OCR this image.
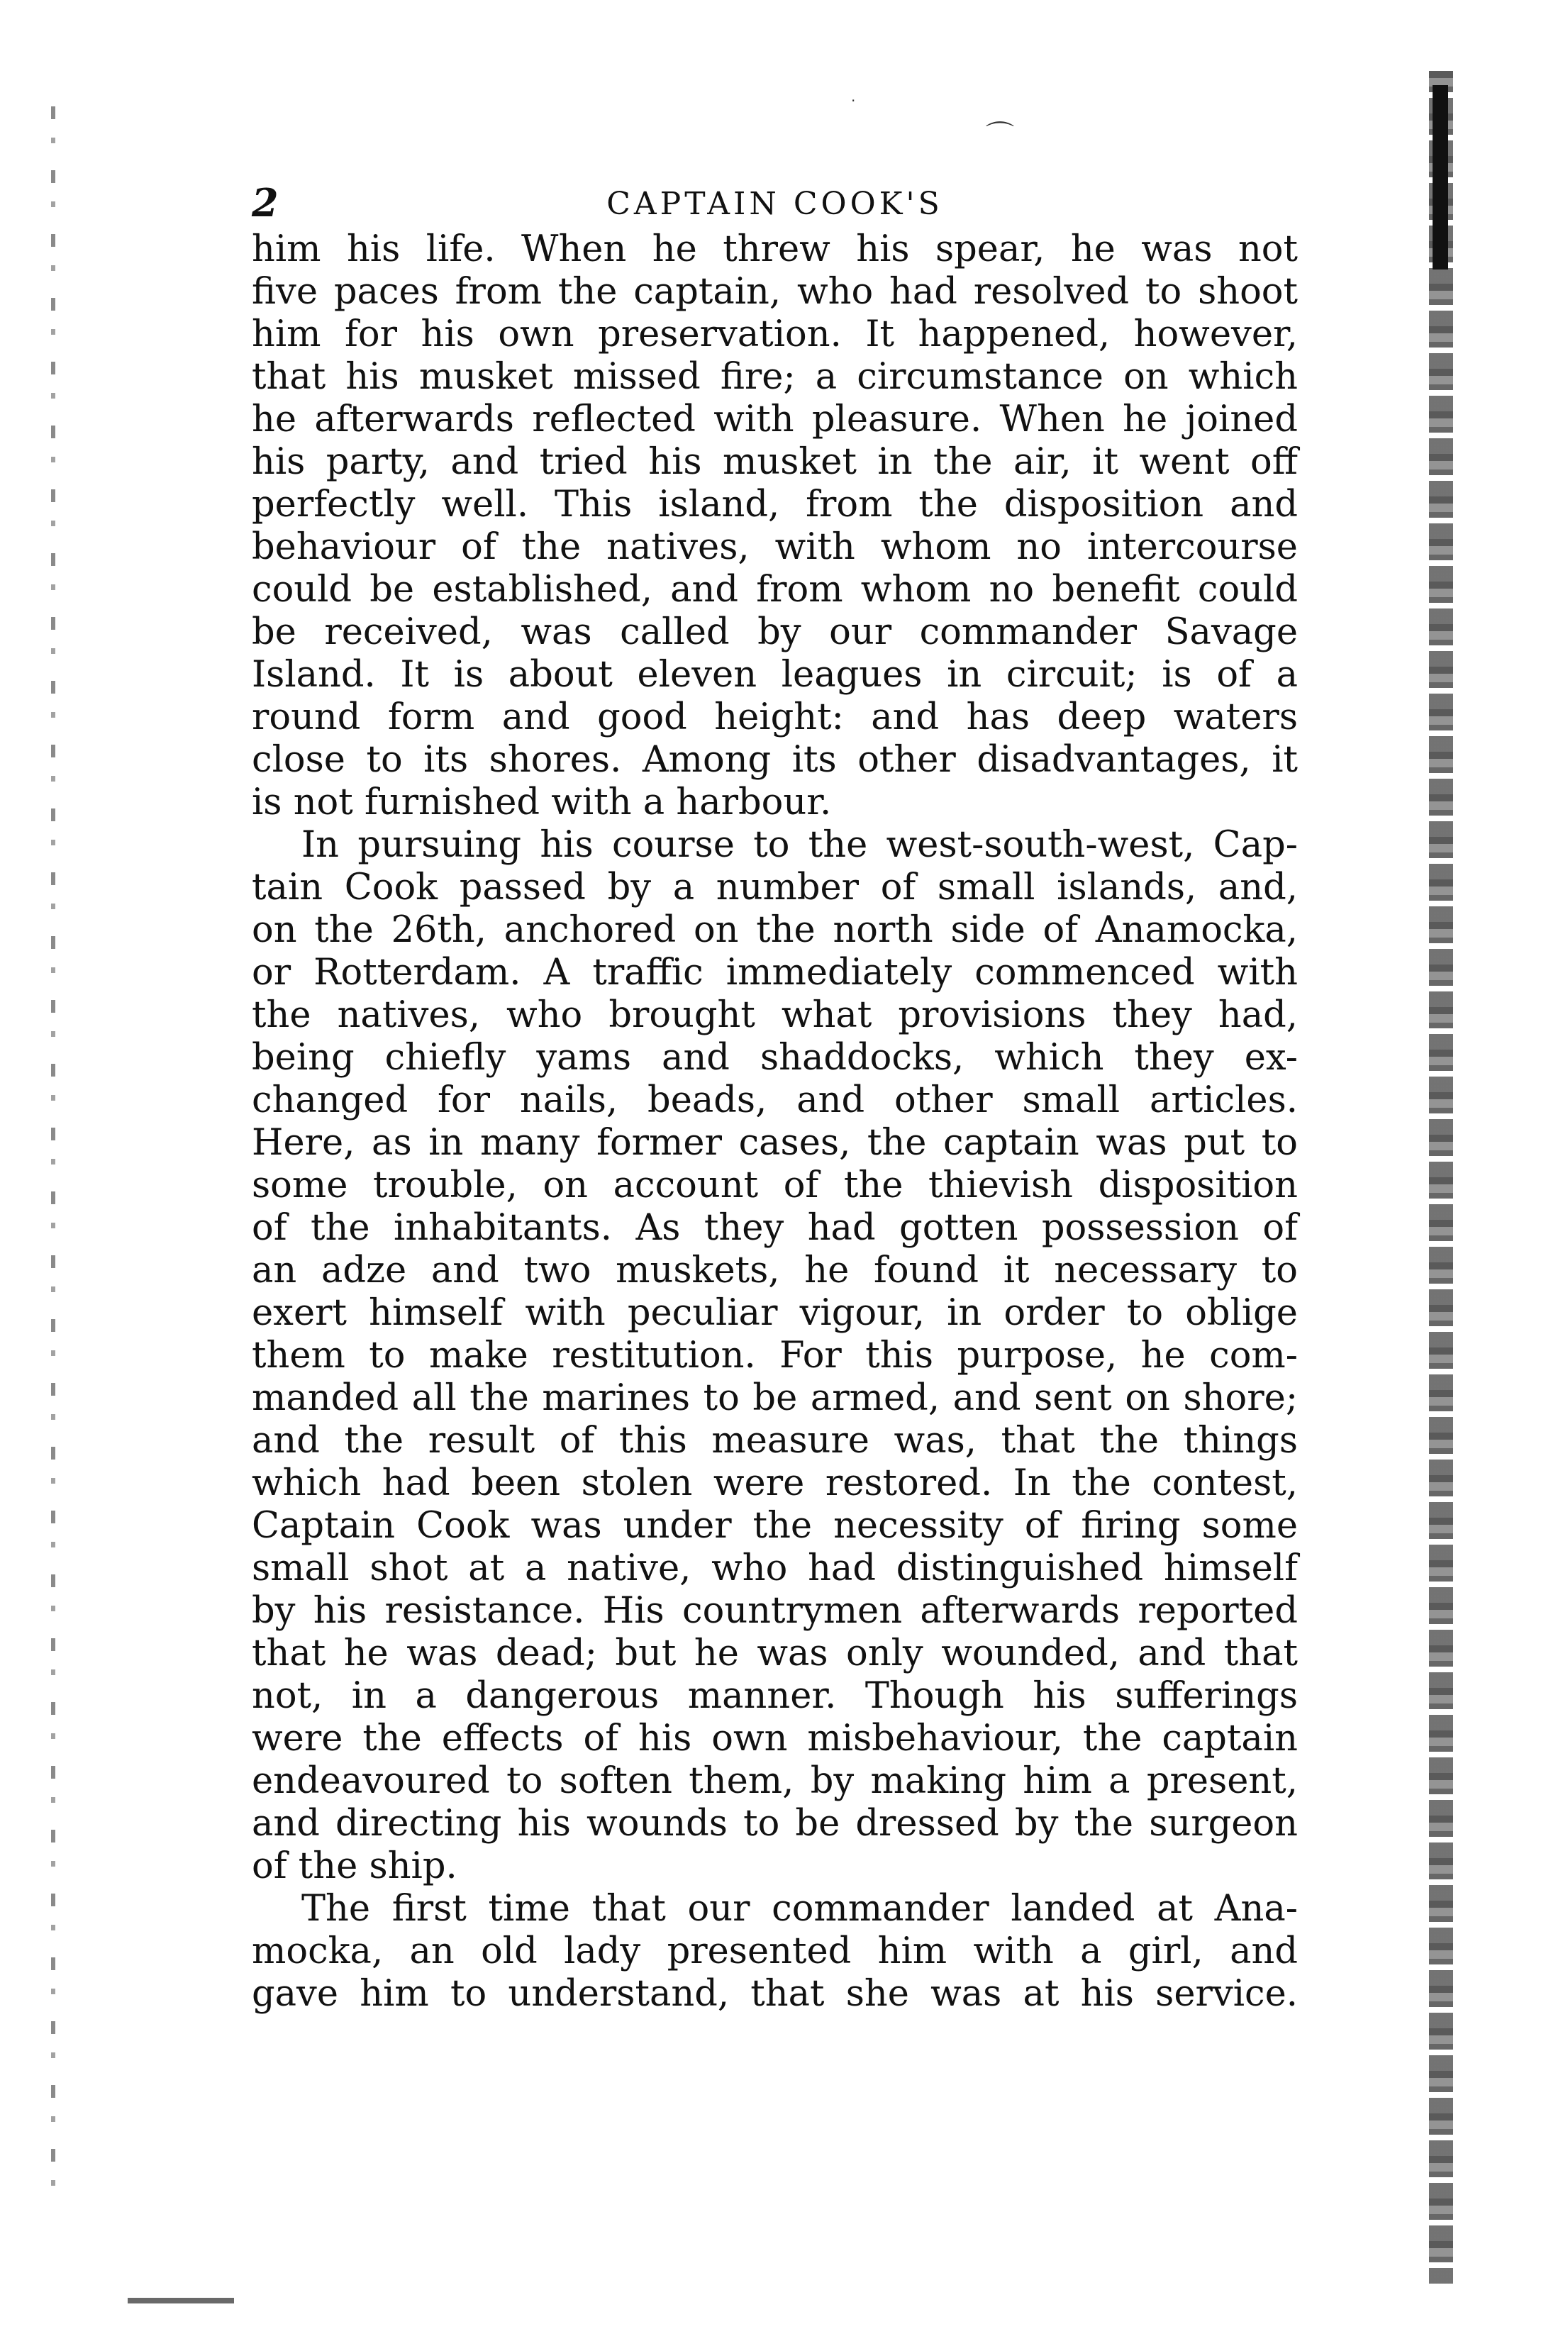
⌒
·
2	CAPTAIN COOK'S
him his life. When he threw his spear, he was not
five paces from the captain, who had resolved to shoot
him for his own preservation. It happened, however,
that his musket missed fire; a circumstance on which
he afterwards reflected with pleasure. When he joined
his party, and tried his musket in the air, it went off
perfectly well. This island, from the disposition and
behaviour of the natives, with whom no intercourse
could be established, and from whom no benefit could
be received, was called by our commander Savage
Island. It is about eleven leagues in circuit; is of a
round form and good height: and has deep waters
close to its shores. Among its other disadvantages, it
is not furnished with a harbour.
In pursuing his course to the west-south-west, Cap-
tain Cook passed by a number of small islands, and,
on the 26th, anchored on the north side of Anamocka,
or Rotterdam. A traffic immediately commenced with
the natives, who brought what provisions they had,
being chiefly yams and shaddocks, which they ex-
changed for nails, beads, and other small articles.
Here, as in many former cases, the captain was put to
some trouble, on account of the thievish disposition
of the inhabitants. As they had gotten possession of
an adze and two muskets, he found it necessary to
exert himself with peculiar vigour, in order to oblige
them to make restitution. For this purpose, he com-
manded all the marines to be armed, and sent on shore;
and the result of this measure was, that the things
which had been stolen were restored. In the contest,
Captain Cook was under the necessity of firing some
small shot at a native, who had distinguished himself
by his resistance. His countrymen afterwards reported
that he was dead; but he was only wounded, and that
not, in a dangerous manner. Though his sufferings
were the effects of his own misbehaviour, the captain
endeavoured to soften them, by making him a present,
and directing his wounds to be dressed by the surgeon
of the ship.
The first time that our commander landed at Ana-
mocka, an old lady presented him with a girl, and
gave him to understand, that she was at his service.
